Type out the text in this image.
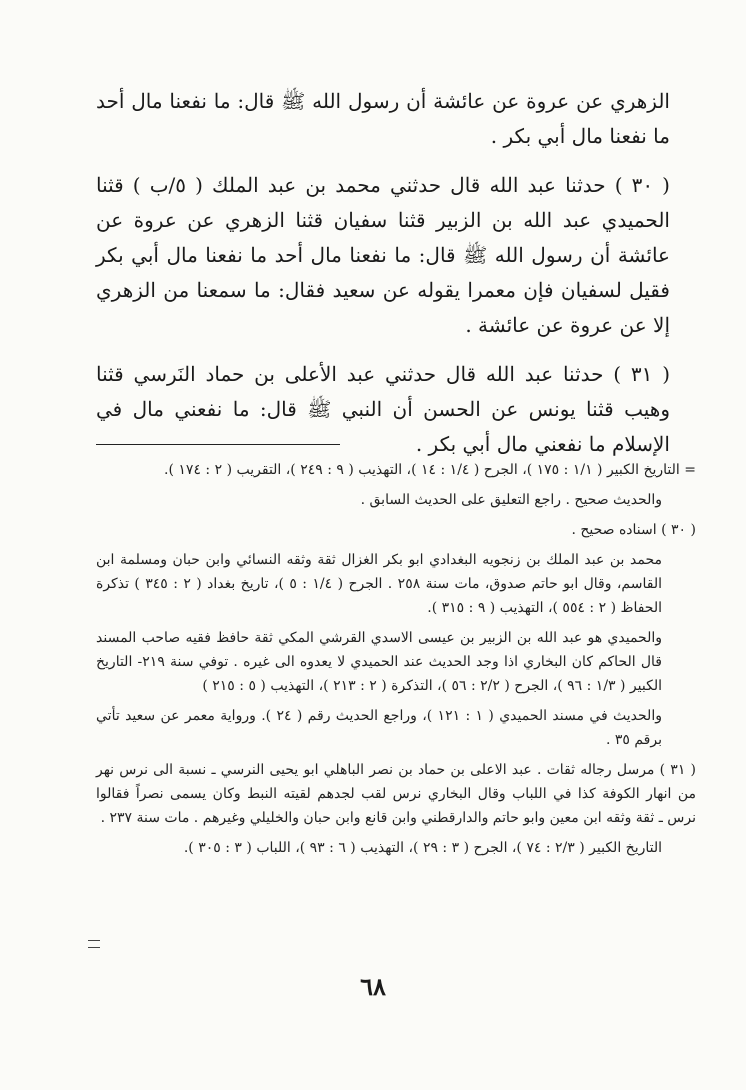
الزهري عن عروة عن عائشة أن رسول الله ﷺ قال: ما نفعنا مال أحد ما نفعنا مال أبي بكر .

( ٣٠ ) حدثنا عبد الله قال حدثني محمد بن عبد الملك ( ٥/ب ) قثنا الحميدي عبد الله بن الزبير قثنا سفيان قثنا الزهري عن عروة عن عائشة أن رسول الله ﷺ قال: ما نفعنا مال أحد ما نفعنا مال أبي بكر فقيل لسفيان فإن معمرا يقوله عن سعيد فقال: ما سمعنا من الزهري إلا عن عروة عن عائشة .

( ٣١ ) حدثنا عبد الله قال حدثني عبد الأعلى بن حماد النَرسي قثنا وهيب قثنا يونس عن الحسن أن النبي ﷺ قال: ما نفعني مال في الإسلام ما نفعني مال أبي بكر .

= التاريخ الكبير ( ١/١ : ١٧٥ )، الجرح ( ١/٤ : ١٤ )، التهذيب ( ٩ : ٢٤٩ )، التقريب ( ٢ : ١٧٤ ).

والحديث صحيح . راجع التعليق على الحديث السابق .

( ٣٠ ) اسناده صحيح .

محمد بن عبد الملك بن زنجويه البغدادي ابو بكر الغزال ثقة وثقه النسائي وابن حبان ومسلمة ابن القاسم، وقال ابو حاتم صدوق، مات سنة ٢٥٨ . الجرح ( ١/٤ : ٥ )، تاريخ بغداد ( ٢ : ٣٤٥ ) تذكرة الحفاظ ( ٢ : ٥٥٤ )، التهذيب ( ٩ : ٣١٥ ).

والحميدي هو عبد الله بن الزبير بن عيسى الاسدي القرشي المكي ثقة حافظ فقيه صاحب المسند قال الحاكم كان البخاري اذا وجد الحديث عند الحميدي لا يعدوه الى غيره . توفي سنة ٢١٩- التاريخ الكبير ( ١/٣ : ٩٦ )، الجرح ( ٢/٢ : ٥٦ )، التذكرة ( ٢ : ٢١٣ )، التهذيب ( ٥ : ٢١٥ )

والحديث في مسند الحميدي ( ١ : ١٢١ )، وراجع الحديث رقم ( ٢٤ ). ورواية معمر عن سعيد تأتي برقم ٣٥ .

( ٣١ ) مرسل رجاله ثقات . عبد الاعلى بن حماد بن نصر الباهلي ابو يحيى النرسي ـ نسبة الى نرس نهر من انهار الكوفة كذا في اللباب وقال البخاري نرس لقب لجدهم لقيته النبط وكان يسمى نصراً فقالوا نرس ـ ثقة وثقه ابن معين وابو حاتم والدارقطني وابن قانع وابن حبان والخليلي وغيرهم . مات سنة ٢٣٧ .

التاريخ الكبير ( ٢/٣ : ٧٤ )، الجرح ( ٣ : ٢٩ )، التهذيب ( ٦ : ٩٣ )، اللباب ( ٣ : ٣٠٥ ).

٦٨
